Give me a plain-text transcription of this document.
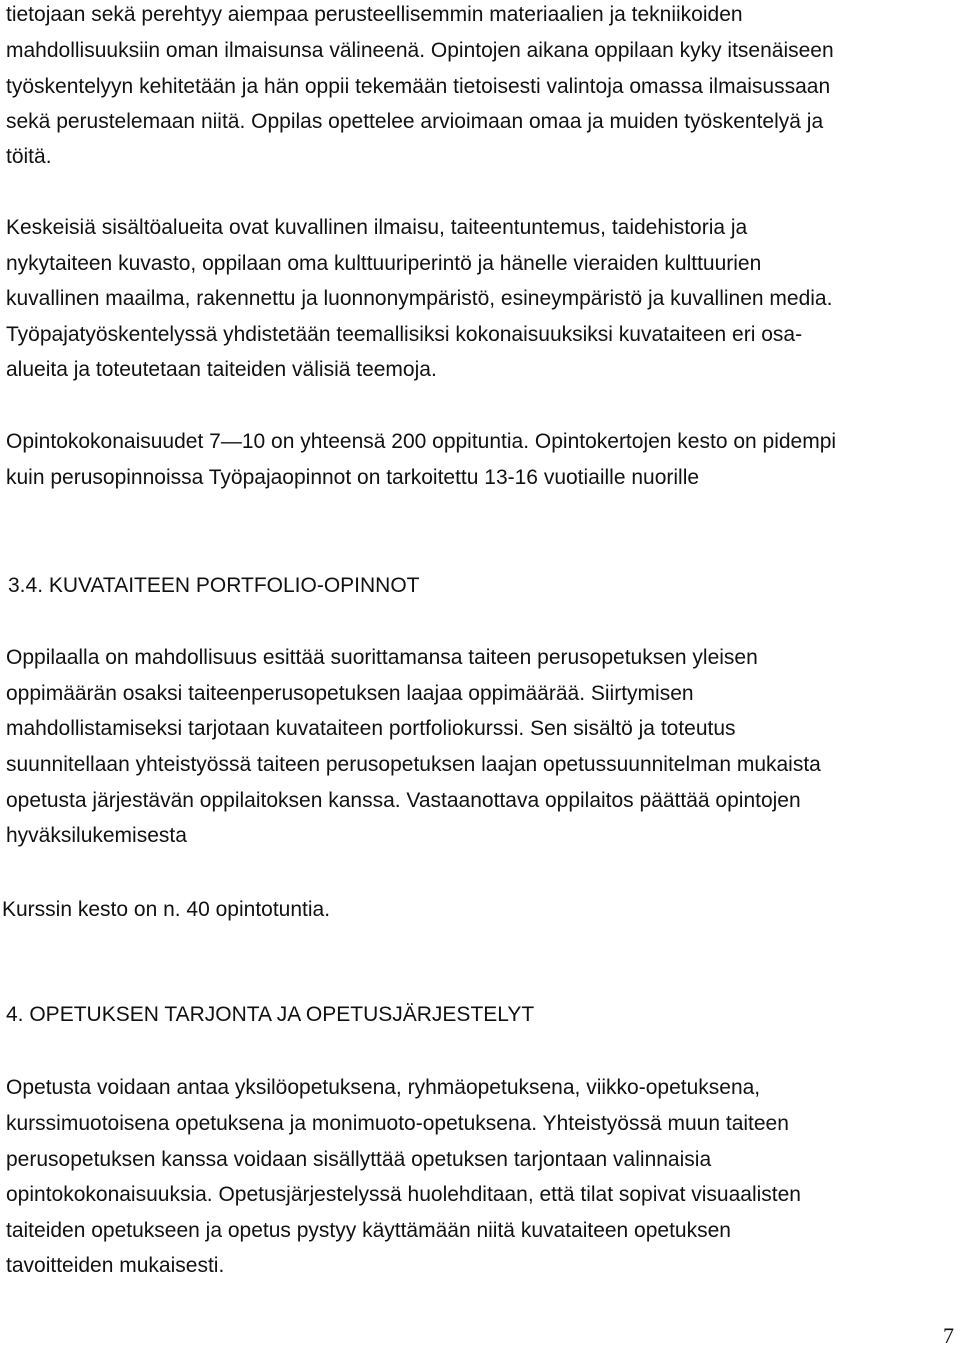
tietojaan sekä perehtyy aiempaa perusteellisemmin materiaalien ja tekniikoiden
mahdollisuuksiin oman ilmaisunsa välineenä. Opintojen aikana oppilaan kyky itsenäiseen
työskentelyyn kehitetään ja hän oppii tekemään tietoisesti valintoja omassa ilmaisussaan
sekä perustelemaan niitä. Oppilas opettelee arvioimaan omaa ja muiden työskentelyä ja
töitä.
Keskeisiä sisältöalueita ovat kuvallinen ilmaisu, taiteentuntemus, taidehistoria ja
nykytaiteen kuvasto, oppilaan oma kulttuuriperintö ja hänelle vieraiden kulttuurien
kuvallinen maailma, rakennettu ja luonnonympäristö, esineympäristö ja kuvallinen media.
Työpajatyöskentelyssä yhdistetään teemallisiksi kokonaisuuksiksi kuvataiteen eri osa-
alueita ja toteutetaan taiteiden välisiä teemoja.
Opintokokonaisuudet 7—10 on yhteensä 200 oppituntia. Opintokertojen kesto on pidempi
kuin perusopinnoissa Työpajaopinnot on tarkoitettu 13-16 vuotiaille nuorille
3.4. KUVATAITEEN PORTFOLIO-OPINNOT
Oppilaalla on mahdollisuus esittää suorittamansa taiteen perusopetuksen yleisen
oppimäärän osaksi taiteenperusopetuksen laajaa oppimäärää. Siirtymisen
mahdollistamiseksi tarjotaan kuvataiteen portfoliokurssi. Sen sisältö ja toteutus
suunnitellaan yhteistyössä taiteen perusopetuksen laajan opetussuunnitelman mukaista
opetusta järjestävän oppilaitoksen kanssa. Vastaanottava oppilaitos päättää opintojen
hyväksilukemisesta
Kurssin kesto on n. 40 opintotuntia.
4. OPETUKSEN TARJONTA JA OPETUSJÄRJESTELYT
Opetusta voidaan antaa yksilöopetuksena, ryhmäopetuksena, viikko-opetuksena,
kurssimuotoisena opetuksena ja monimuoto-opetuksena. Yhteistyössä muun taiteen
perusopetuksen kanssa voidaan sisällyttää opetuksen tarjontaan valinnaisia
opintokokonaisuuksia. Opetusjärjestelyssä huolehditaan, että tilat sopivat visuaalisten
taiteiden opetukseen ja opetus pystyy käyttämään niitä kuvataiteen opetuksen
tavoitteiden mukaisesti.
7
